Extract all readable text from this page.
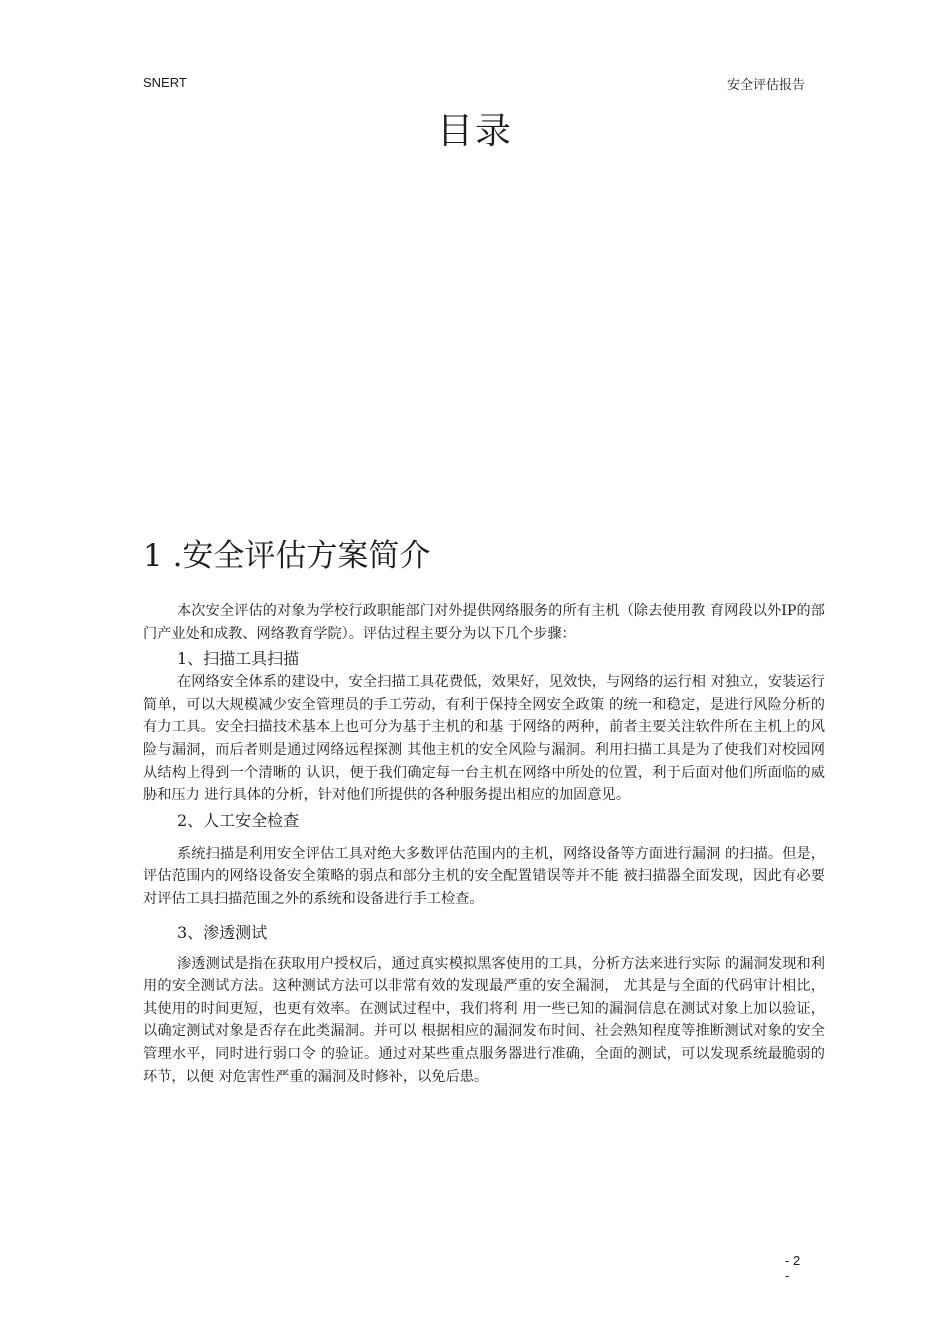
SNERT	安全评估报告
目录
1 .安全评估方案简介

本次安全评估的对象为学校行政职能部门对外提供网络服务的所有主机（除去使用教 育网段以外IP的部门产业处和成教、网络教育学院）。评估过程主要分为以下几个步骤：

1、扫描工具扫描

在网络安全体系的建设中，安全扫描工具花费低，效果好，见效快，与网络的运行相 对独立，安装运行简单，可以大规模减少安全管理员的手工劳动，有利于保持全网安全政策 的统一和稳定，是进行风险分析的有力工具。安全扫描技术基本上也可分为基于主机的和基 于网络的两种，前者主要关注软件所在主机上的风险与漏洞，而后者则是通过网络远程探测 其他主机的安全风险与漏洞。利用扫描工具是为了使我们对校园网从结构上得到一个清晰的 认识，便于我们确定每一台主机在网络中所处的位置，利于后面对他们所面临的威胁和压力 进行具体的分析，针对他们所提供的各种服务提出相应的加固意见。

2、人工安全检查

系统扫描是利用安全评估工具对绝大多数评估范围内的主机，网络设备等方面进行漏洞 的扫描。但是，评估范围内的网络设备安全策略的弱点和部分主机的安全配置错误等并不能 被扫描器全面发现，因此有必要对评估工具扫描范围之外的系统和设备进行手工检查。

3、渗透测试

渗透测试是指在获取用户授权后，通过真实模拟黑客使用的工具，分析方法来进行实际 的漏洞发现和利用的安全测试方法。这种测试方法可以非常有效的发现最严重的安全漏洞， 尤其是与全面的代码审计相比，其使用的时间更短，也更有效率。在测试过程中，我们将利 用一些已知的漏洞信息在测试对象上加以验证，以确定测试对象是否存在此类漏洞。并可以 根据相应的漏洞发布时间、社会熟知程度等推断测试对象的安全管理水平，同时进行弱口令 的验证。通过对某些重点服务器进行准确，全面的测试，可以发现系统最脆弱的环节，以便 对危害性严重的漏洞及时修补，以免后患。

- 2
-
